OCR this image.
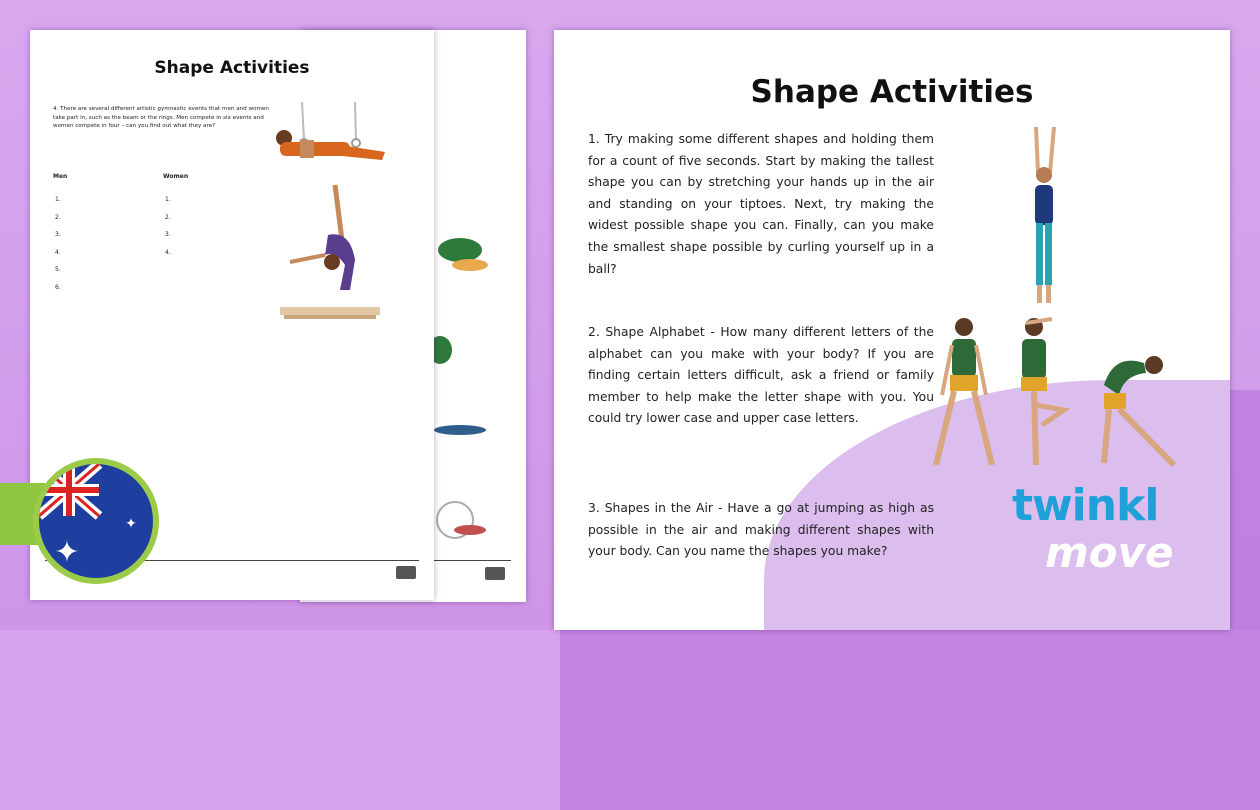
Shape Activities
4. There are several different artistic gymnastic events that men and women take part in, such as the beam or the rings. Men compete in six events and women compete in four – can you find out what they are?
Men	Women
1.
2.
3.
4.
5.
6.
1.
2.
3.
4.
✦
✦
Shape Activities
1. Try making some different shapes and holding them for a count of five seconds. Start by making the tallest shape you can by stretching your hands up in the air and standing on your tiptoes. Next, try making the widest possible shape you can. Finally, can you make the smallest shape possible by curling yourself up in a ball?
2. Shape Alphabet - How many different letters of the alphabet can you make with your body? If you are finding certain letters difficult, ask a friend or family member to help make the letter shape with you. You could try lower case and upper case letters.
3. Shapes in the Air - Have a go at jumping as high as possible in the air and making different shapes with your body. Can you name the shapes you make?
twinkl
move
